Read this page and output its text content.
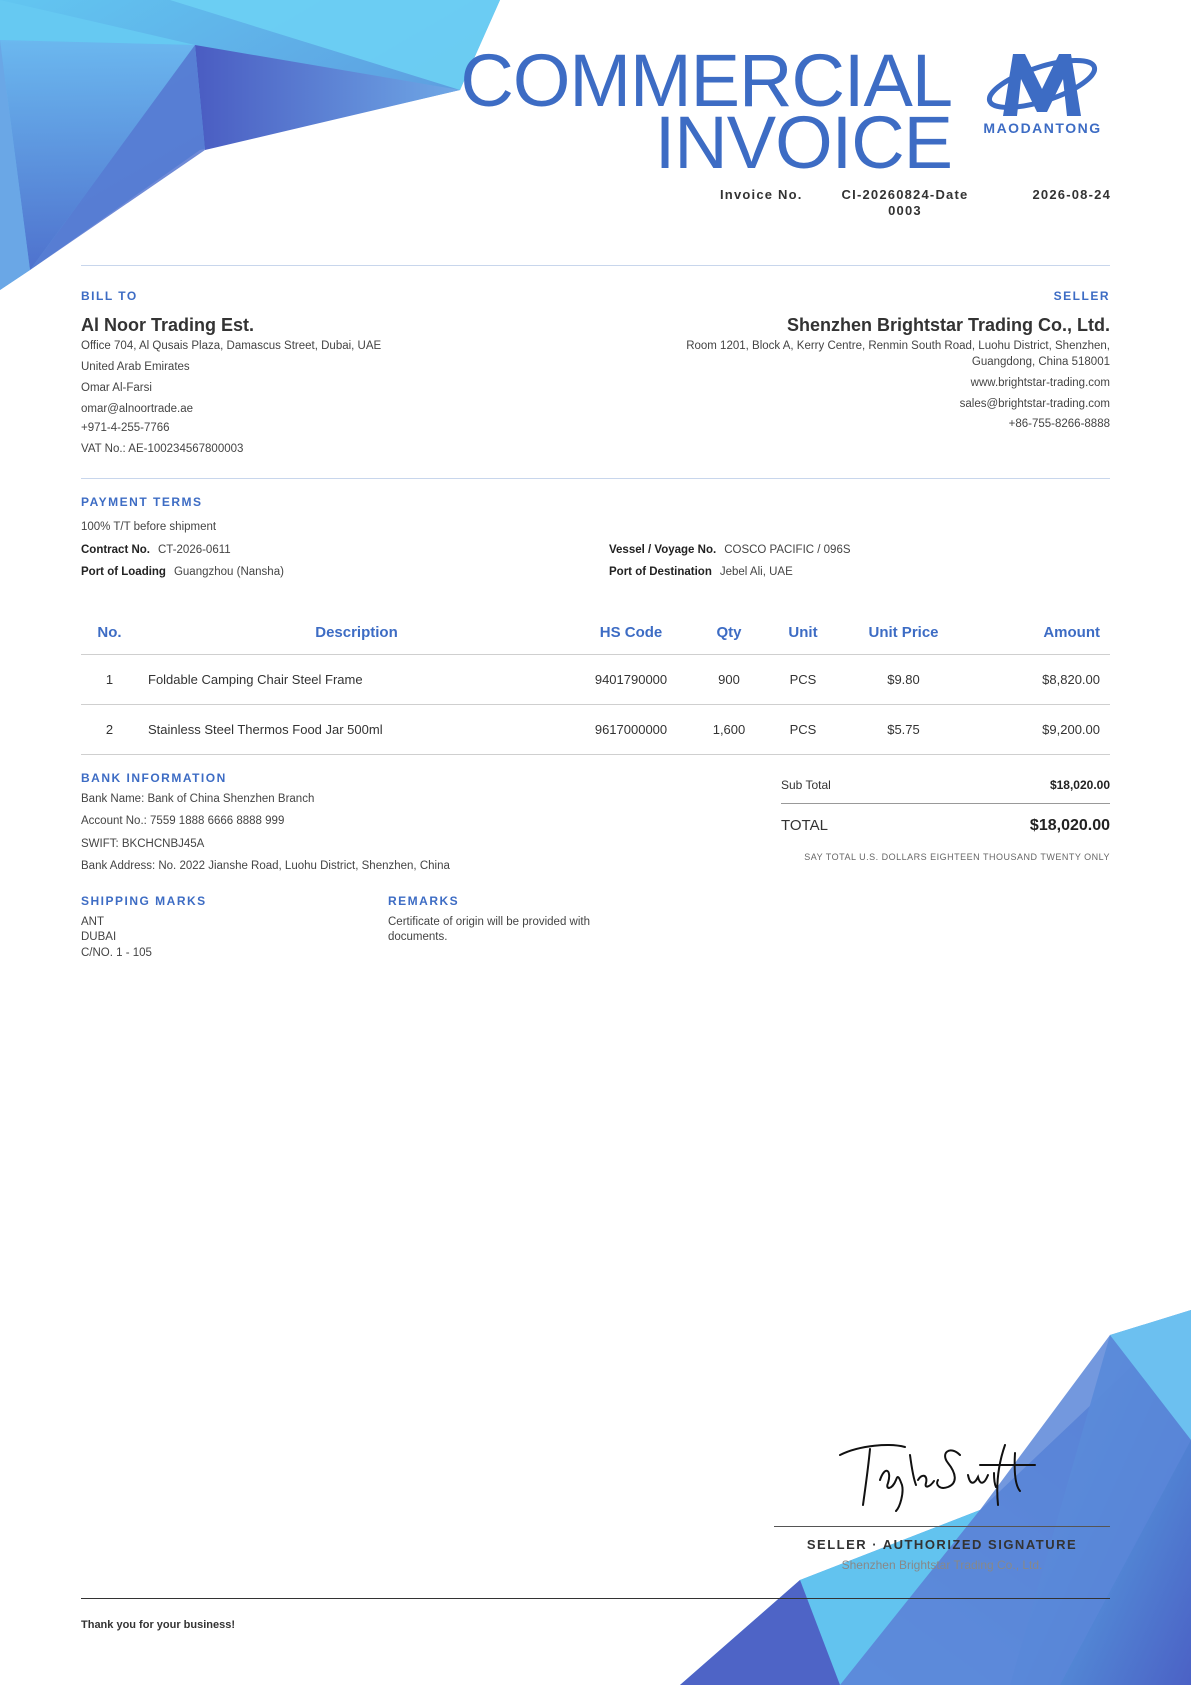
COMMERCIAL
INVOICE	MAODANTONG
Invoice No.	CI-20260824-Date 0003
2026-08-24
BILL TO
Al Noor Trading Est.
Office 704, Al Qusais Plaza, Damascus Street, Dubai, UAE
United Arab Emirates
Omar Al-Farsi
omar@alnoortrade.ae
+971-4-255-7766
VAT No.: AE-100234567800003
SELLER
Shenzhen Brightstar Trading Co., Ltd.
Room 1201, Block A, Kerry Centre, Renmin South Road, Luohu District, Shenzhen,
Guangdong, China 518001
www.brightstar-trading.com
sales@brightstar-trading.com
+86-755-8266-8888
PAYMENT TERMS
100% T/T before shipment
Contract No. CT-2026-0611
Port of Loading Guangzhou (Nansha)
Vessel / Voyage No. COSCO PACIFIC / 096S
Port of Destination Jebel Ali, UAE
No.	Description	HS Code	Qty	Unit	Unit Price	Amount
1	Foldable Camping Chair Steel Frame	9401790000	900	PCS	$9.80	$8,820.00
2	Stainless Steel Thermos Food Jar 500ml	9617000000	1,600	PCS	$5.75	$9,200.00
BANK INFORMATION
Bank Name: Bank of China Shenzhen Branch
Account No.: 7559 1888 6666 8888 999
SWIFT: BKCHCNBJ45A
Bank Address: No. 2022 Jianshe Road, Luohu District, Shenzhen, China
Sub Total	$18,020.00
TOTAL	$18,020.00
SAY TOTAL U.S. DOLLARS EIGHTEEN THOUSAND TWENTY ONLY
SHIPPING MARKS
ANT
DUBAI
C/NO. 1 - 105
REMARKS
Certificate of origin will be provided with
documents.
SELLER · AUTHORIZED SIGNATURE
Shenzhen Brightstar Trading Co., Ltd.
Thank you for your business!
